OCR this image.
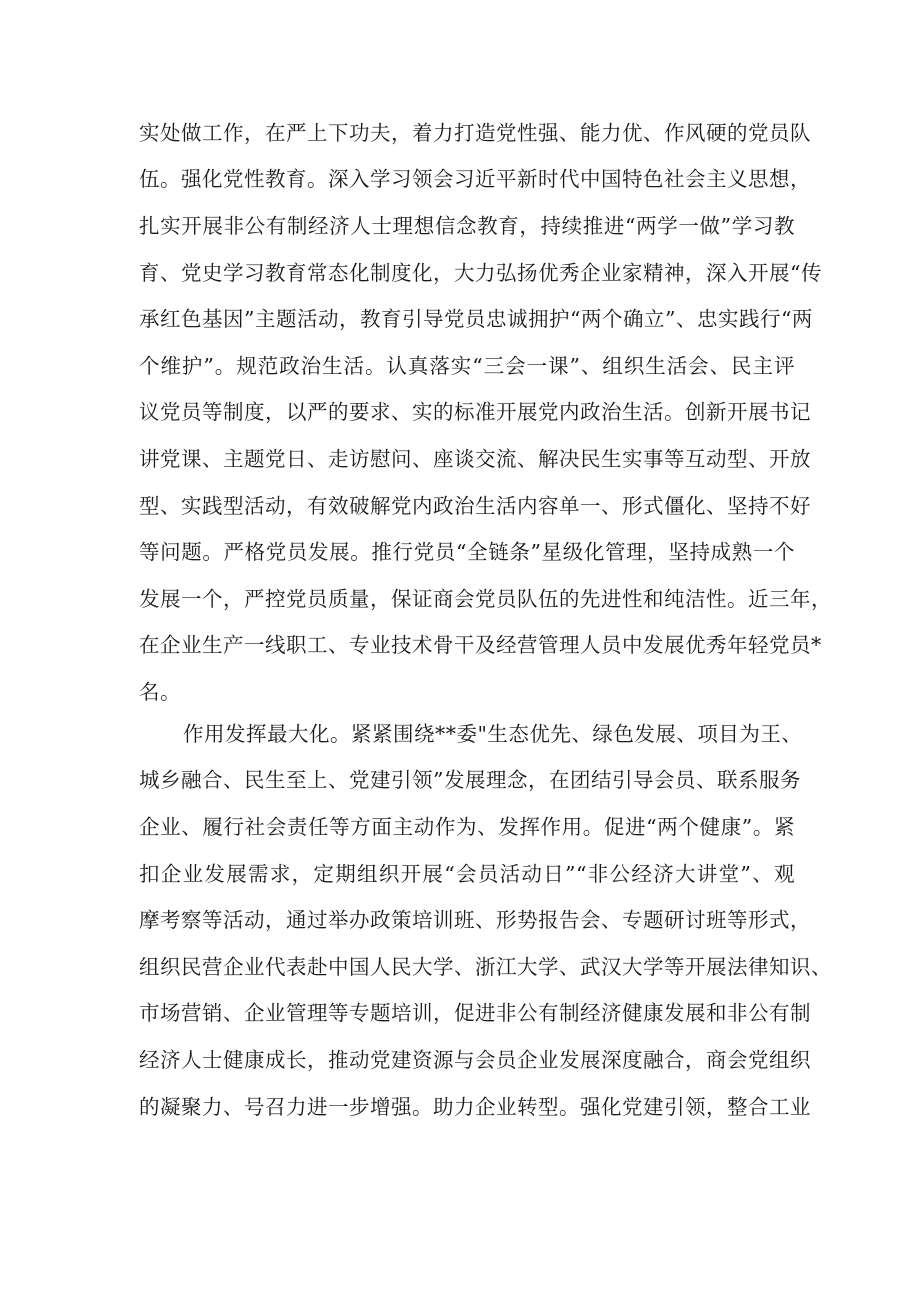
实处做工作，在严上下功夫，着力打造党性强、能力优、作风硬的党员队
伍。强化党性教育。深入学习领会习近平新时代中国特色社会主义思想，
扎实开展非公有制经济人士理想信念教育，持续推进“两学一做”学习教
育、党史学习教育常态化制度化，大力弘扬优秀企业家精神，深入开展“传
承红色基因”主题活动，教育引导党员忠诚拥护“两个确立”、忠实践行“两
个维护”。规范政治生活。认真落实“三会一课”、组织生活会、民主评
议党员等制度，以严的要求、实的标准开展党内政治生活。创新开展书记
讲党课、主题党日、走访慰问、座谈交流、解决民生实事等互动型、开放
型、实践型活动，有效破解党内政治生活内容单一、形式僵化、坚持不好
等问题。严格党员发展。推行党员“全链条”星级化管理，坚持成熟一个
发展一个，严控党员质量，保证商会党员队伍的先进性和纯洁性。近三年，
在企业生产一线职工、专业技术骨干及经营管理人员中发展优秀年轻党员*
名。
作用发挥最大化。紧紧围绕**委"生态优先、绿色发展、项目为王、
城乡融合、民生至上、党建引领”发展理念，在团结引导会员、联系服务
企业、履行社会责任等方面主动作为、发挥作用。促进“两个健康”。紧
扣企业发展需求，定期组织开展“会员活动日”“非公经济大讲堂”、观
摩考察等活动，通过举办政策培训班、形势报告会、专题研讨班等形式，
组织民营企业代表赴中国人民大学、浙江大学、武汉大学等开展法律知识、
市场营销、企业管理等专题培训，促进非公有制经济健康发展和非公有制
经济人士健康成长，推动党建资源与会员企业发展深度融合，商会党组织
的凝聚力、号召力进一步增强。助力企业转型。强化党建引领，整合工业
